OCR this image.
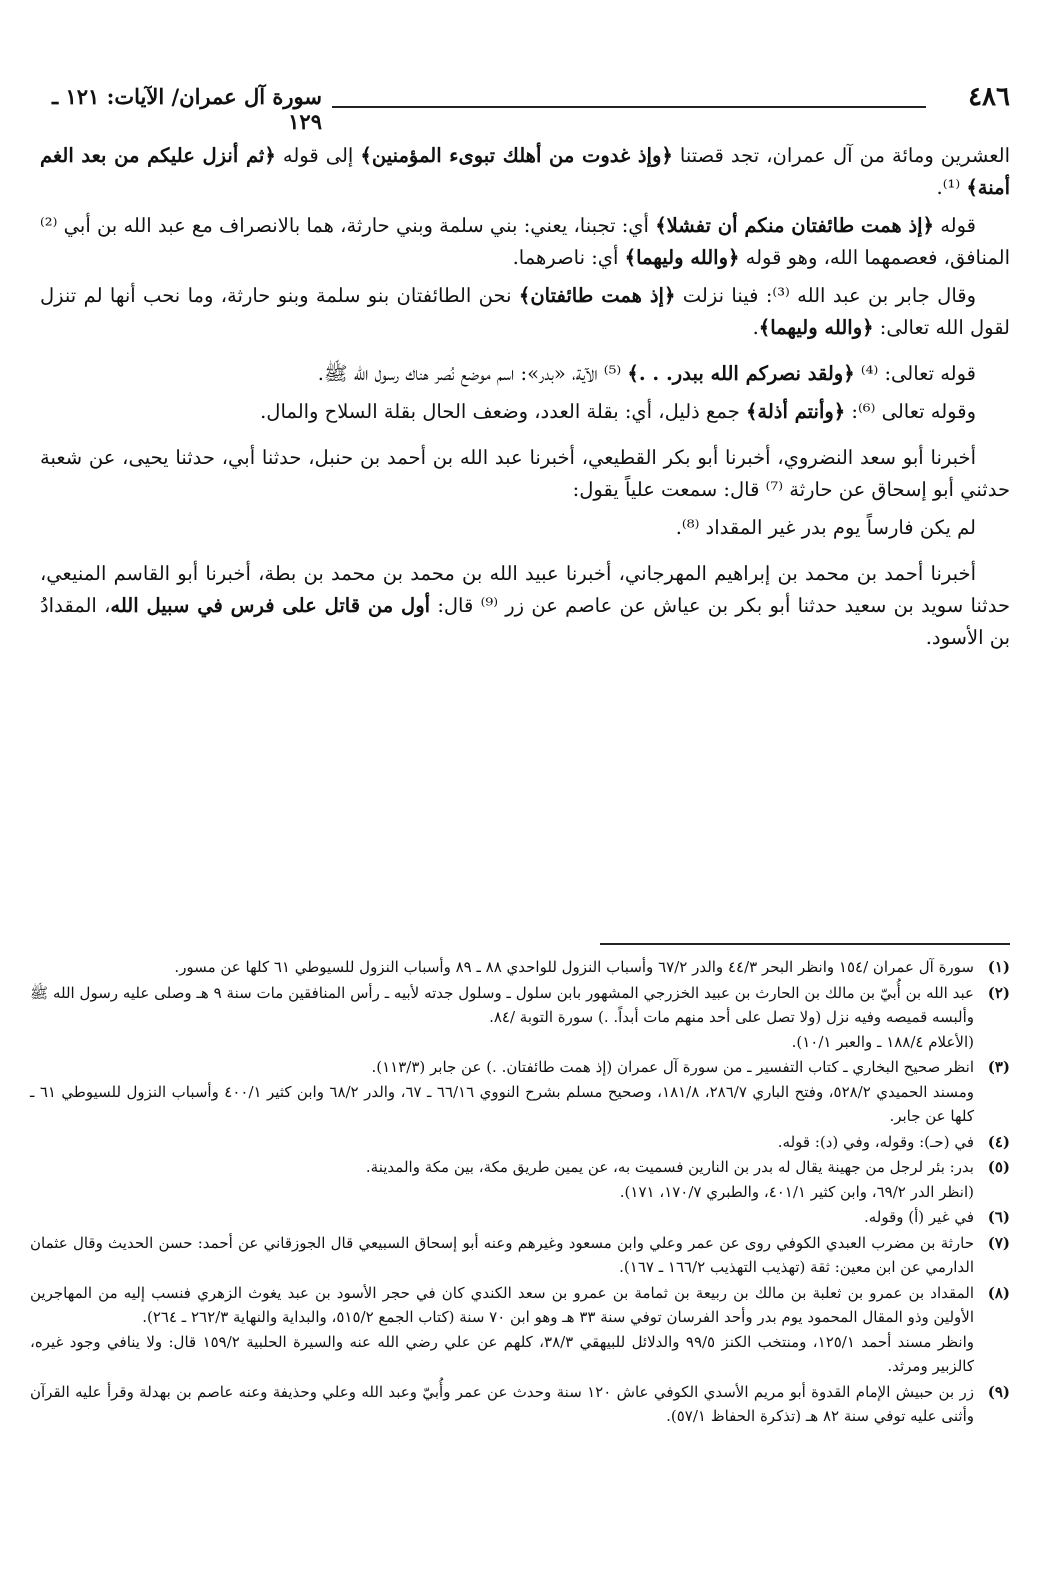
٤٨٦
سورة آل عمران/ الآيات: ١٢١ ـ ١٢٩

العشرين ومائة من آل عمران، تجد قصتنا ﴿وإذ غدوت من أهلك تبوىء المؤمنين﴾ إلى قوله ﴿ثم أنزل عليكم من بعد الغم أمنة﴾ ⁽¹⁾.

قوله ﴿إذ همت طائفتان منكم أن تفشلا﴾ أي: تجبنا، يعني: بني سلمة وبني حارثة، هما بالانصراف مع عبد الله بن أبي ⁽²⁾ المنافق، فعصمهما الله، وهو قوله ﴿والله وليهما﴾ أي: ناصرهما.

وقال جابر بن عبد الله ⁽³⁾: فينا نزلت ﴿إذ همت طائفتان﴾ نحن الطائفتان بنو سلمة وبنو حارثة، وما نحب أنها لم تنزل لقول الله تعالى: ﴿والله وليهما﴾.

قوله تعالى: ⁽⁴⁾ ﴿ولقد نصركم الله ببدر. . .﴾ ⁽⁵⁾ الآية، «بدر»: اسم موضع نُصر هناك رسول الله ﷺ.

وقوله تعالى ⁽⁶⁾: ﴿وأنتم أذلة﴾ جمع ذليل، أي: بقلة العدد، وضعف الحال بقلة السلاح والمال.

أخبرنا أبو سعد النضروي، أخبرنا أبو بكر القطيعي، أخبرنا عبد الله بن أحمد بن حنبل، حدثنا أبي، حدثنا يحيى، عن شعبة حدثني أبو إسحاق عن حارثة ⁽⁷⁾ قال: سمعت علياً يقول:

لم يكن فارساً يوم بدر غير المقداد ⁽⁸⁾.

أخبرنا أحمد بن محمد بن إبراهيم المهرجاني، أخبرنا عبيد الله بن محمد بن محمد بن بطة، أخبرنا أبو القاسم المنيعي، حدثنا سويد بن سعيد حدثنا أبو بكر بن عياش عن عاصم عن زر ⁽⁹⁾ قال: أول من قاتل على فرس في سبيل الله، المقدادُ بن الأسود.

(١)
سورة آل عمران /١٥٤ وانظر البحر ٤٤/٣ والدر ٦٧/٢ وأسباب النزول للواحدي ٨٨ ـ ٨٩ وأسباب النزول للسيوطي ٦١ كلها عن مسور.
(٢)
عبد الله بن أُبيّ بن مالك بن الحارث بن عبيد الخزرجي المشهور بابن سلول ـ وسلول جدته لأبيه ـ رأس المنافقين مات سنة ٩ هـ وصلى عليه رسول الله ﷺ وألبسه قميصه وفيه نزل (ولا تصل على أحد منهم مات أبداً. .) سورة التوبة /٨٤.
(الأعلام ١٨٨/٤ ـ والعبر ١٠/١).
(٣)
انظر صحيح البخاري ـ كتاب التفسير ـ من سورة آل عمران (إذ همت طائفتان. .) عن جابر (١١٣/٣).
ومسند الحميدي ٥٢٨/٢، وفتح الباري ٢٨٦/٧، ١٨١/٨، وصحيح مسلم بشرح النووي ٦٦/١٦ ـ ٦٧، والدر ٦٨/٢ وابن كثير ٤٠٠/١ وأسباب النزول للسيوطي ٦١ ـ كلها عن جابر.
(٤)
في (حـ): وقوله، وفي (د): قوله.
(٥)
بدر: بئر لرجل من جهينة يقال له بدر بن النارين فسميت به، عن يمين طريق مكة، بين مكة والمدينة.
(انظر الدر ٦٩/٢، وابن كثير ٤٠١/١، والطبري ١٧٠/٧، ١٧١).
(٦)
في غير (أ) وقوله.
(٧)
حارثة بن مضرب العبدي الكوفي روى عن عمر وعلي وابن مسعود وغيرهم وعنه أبو إسحاق السبيعي قال الجوزقاني عن أحمد: حسن الحديث وقال عثمان الدارمي عن ابن معين: ثقة (تهذيب التهذيب ١٦٦/٢ ـ ١٦٧).
(٨)
المقداد بن عمرو بن ثعلبة بن مالك بن ربيعة بن ثمامة بن عمرو بن سعد الكندي كان في حجر الأسود بن عبد يغوث الزهري فنسب إليه من المهاجرين الأولين وذو المقال المحمود يوم بدر وأحد الفرسان توفي سنة ٣٣ هـ وهو ابن ٧٠ سنة (كتاب الجمع ٥١٥/٢، والبداية والنهاية ٢٦٢/٣ ـ ٢٦٤).
وانظر مسند أحمد ١٢٥/١، ومنتخب الكنز ٩٩/٥ والدلائل للبيهقي ٣٨/٣، كلهم عن علي رضي الله عنه والسيرة الحلبية ١٥٩/٢ قال: ولا ينافي وجود غيره، كالزبير ومرثد.
(٩)
زر بن حبيش الإمام القدوة أبو مريم الأسدي الكوفي عاش ١٢٠ سنة وحدث عن عمر وأُبيّ وعبد الله وعلي وحذيفة وعنه عاصم بن بهدلة وقرأ عليه القرآن وأثنى عليه توفي سنة ٨٢ هـ (تذكرة الحفاظ ٥٧/١).
